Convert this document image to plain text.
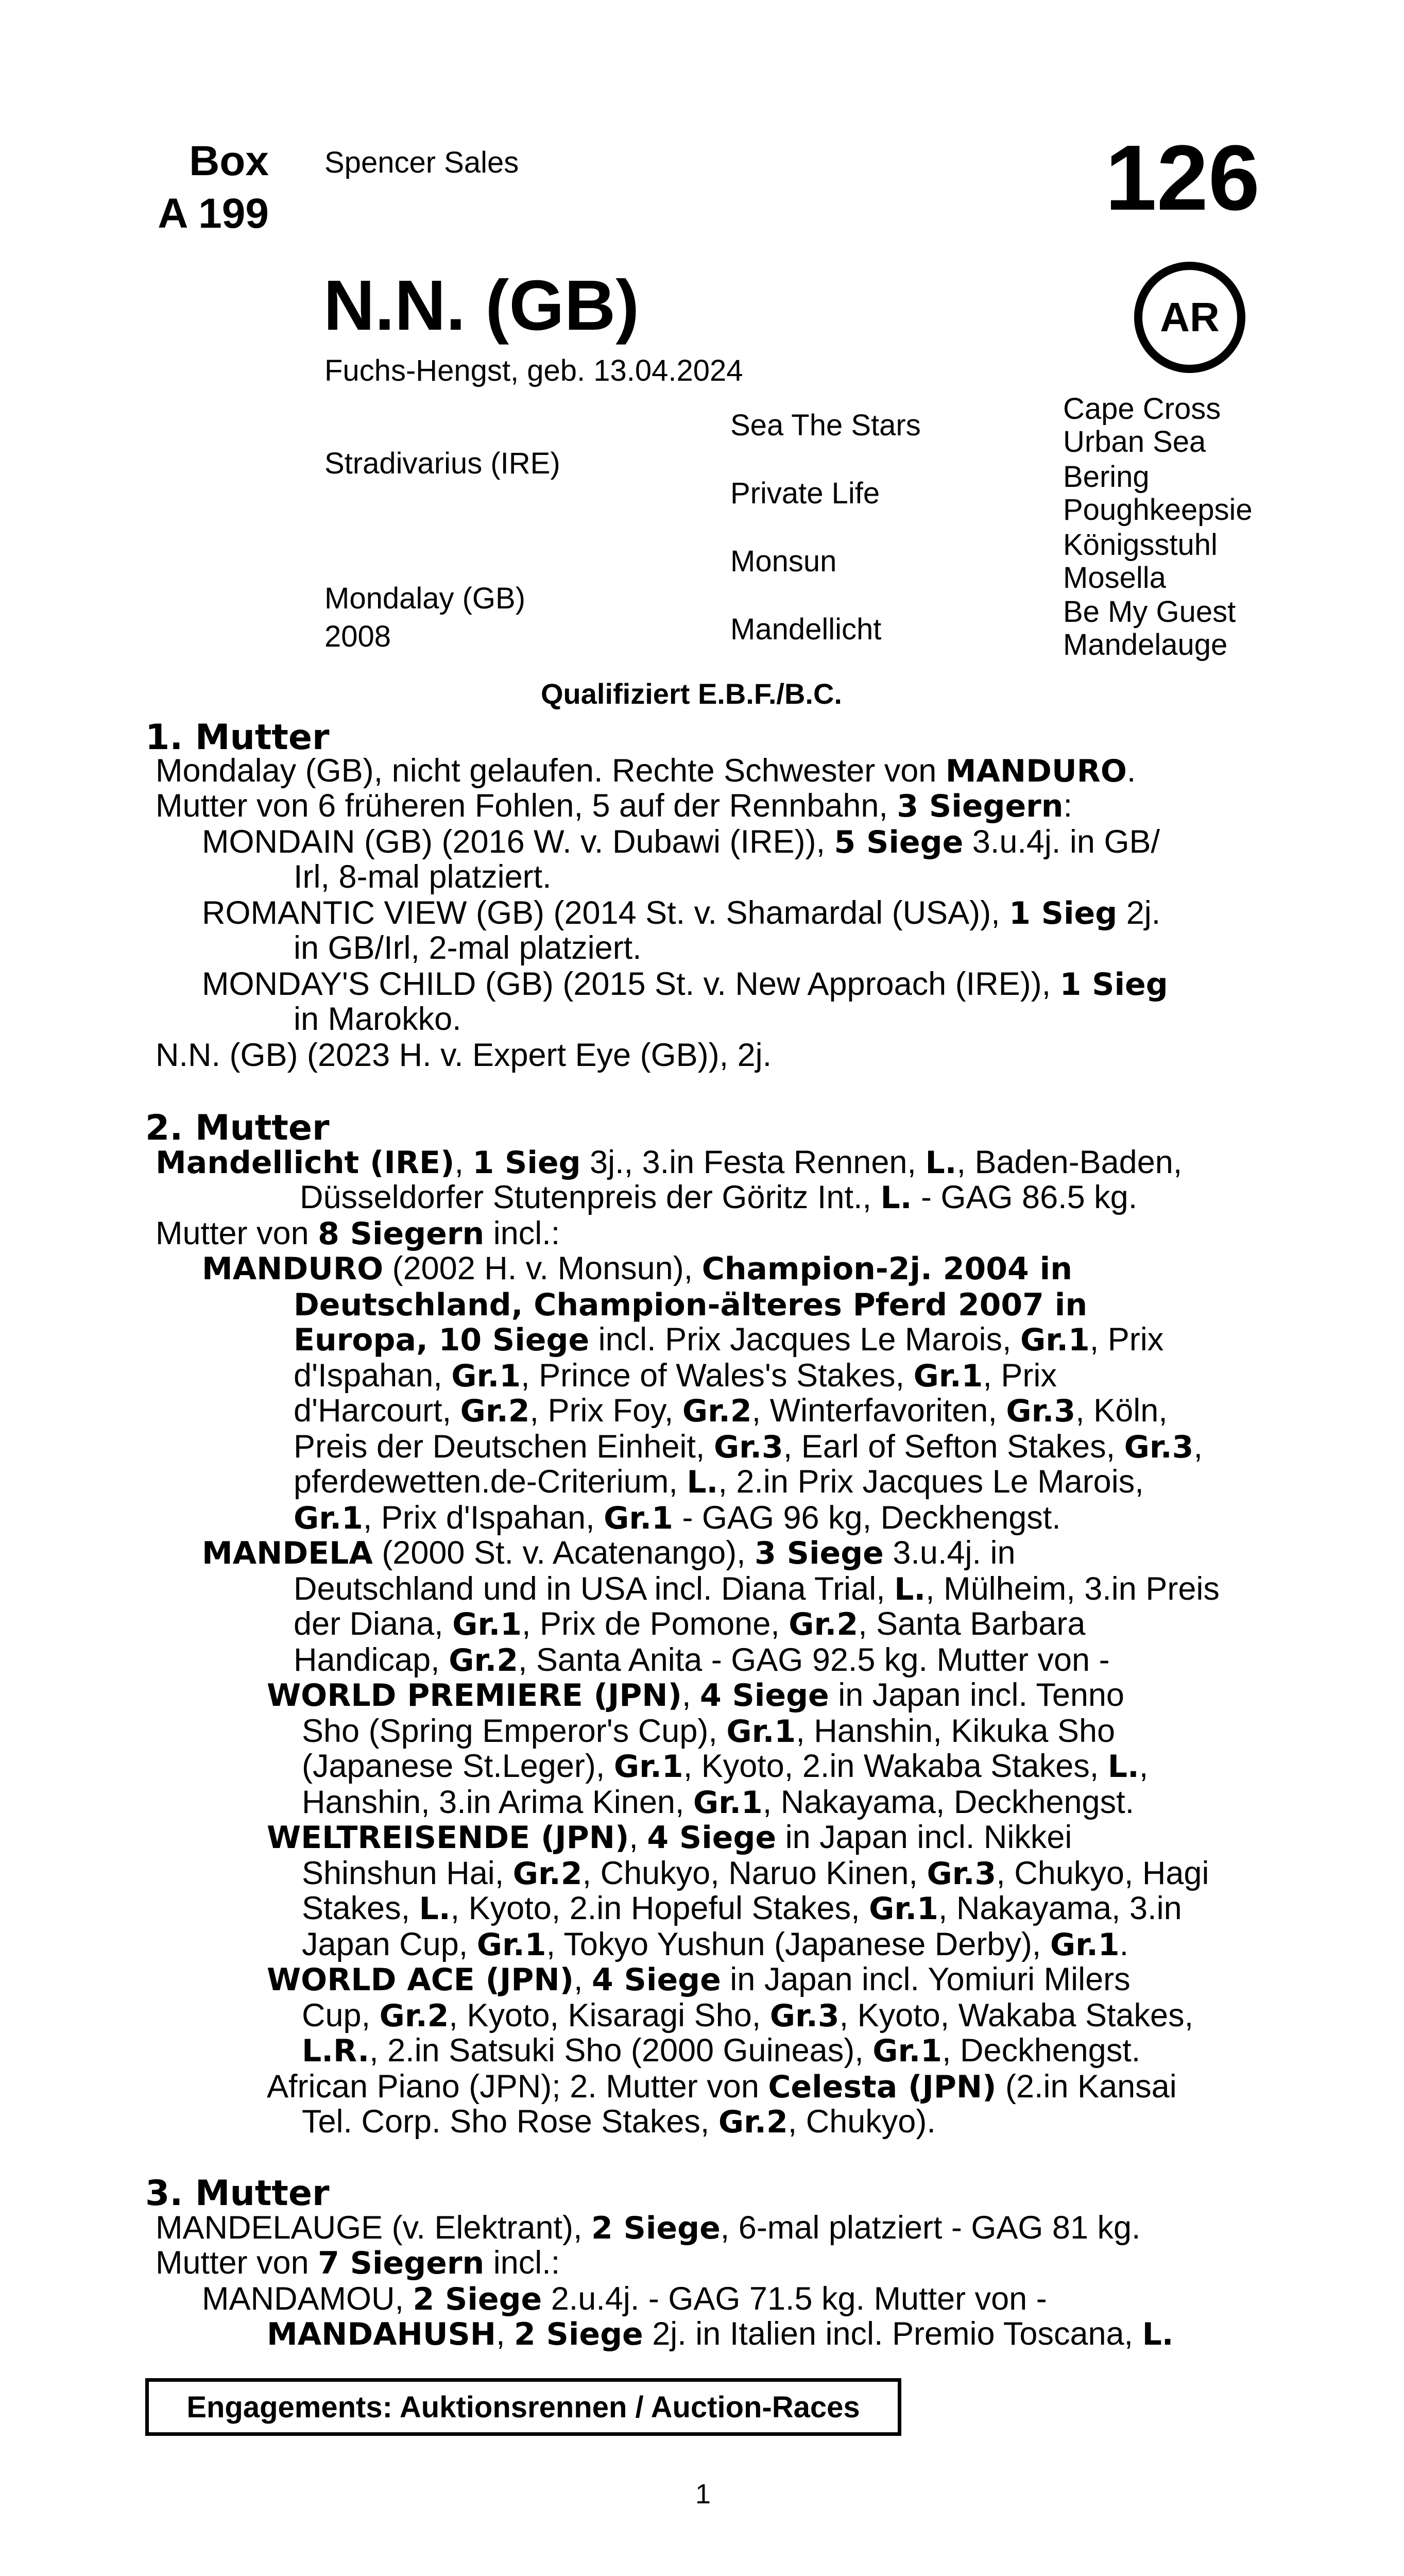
Box
A 199
Spencer Sales	126
AR
N.N. (GB)
Fuchs-Hengst, geb. 13.04.2024
Stradivarius (IRE)
Mondalay (GB)
2008
Sea The Stars
Private Life
Monsun
Mandellicht
Cape Cross
Urban Sea
Bering
Poughkeepsie
Königsstuhl
Mosella
Be My Guest
Mandelauge
Qualifiziert E.B.F./B.C.
1. Mutter
Mondalay (GB), nicht gelaufen. Rechte Schwester von MANDURO.
Mutter von 6 früheren Fohlen, 5 auf der Rennbahn, 3 Siegern:
MONDAIN (GB) (2016 W. v. Dubawi (IRE)), 5 Siege 3.u.4j. in GB/
Irl, 8-mal platziert.
ROMANTIC VIEW (GB) (2014 St. v. Shamardal (USA)), 1 Sieg 2j.
in GB/Irl, 2-mal platziert.
MONDAY'S CHILD (GB) (2015 St. v. New Approach (IRE)), 1 Sieg
in Marokko.
N.N. (GB) (2023 H. v. Expert Eye (GB)), 2j.
2. Mutter
Mandellicht (IRE), 1 Sieg 3j., 3.in Festa Rennen, L., Baden-Baden,
Düsseldorfer Stutenpreis der Göritz Int., L. - GAG 86.5 kg.
Mutter von 8 Siegern incl.:
MANDURO (2002 H. v. Monsun), Champion-2j. 2004 in
Deutschland, Champion-älteres Pferd 2007 in
Europa, 10 Siege incl. Prix Jacques Le Marois, Gr.1, Prix
d'Ispahan, Gr.1, Prince of Wales's Stakes, Gr.1, Prix
d'Harcourt, Gr.2, Prix Foy, Gr.2, Winterfavoriten, Gr.3, Köln,
Preis der Deutschen Einheit, Gr.3, Earl of Sefton Stakes, Gr.3,
pferdewetten.de-Criterium, L., 2.in Prix Jacques Le Marois,
Gr.1, Prix d'Ispahan, Gr.1 - GAG 96 kg, Deckhengst.
MANDELA (2000 St. v. Acatenango), 3 Siege 3.u.4j. in
Deutschland und in USA incl. Diana Trial, L., Mülheim, 3.in Preis
der Diana, Gr.1, Prix de Pomone, Gr.2, Santa Barbara
Handicap, Gr.2, Santa Anita - GAG 92.5 kg. Mutter von -
WORLD PREMIERE (JPN), 4 Siege in Japan incl. Tenno
Sho (Spring Emperor's Cup), Gr.1, Hanshin, Kikuka Sho
(Japanese St.Leger), Gr.1, Kyoto, 2.in Wakaba Stakes, L.,
Hanshin, 3.in Arima Kinen, Gr.1, Nakayama, Deckhengst.
WELTREISENDE (JPN), 4 Siege in Japan incl. Nikkei
Shinshun Hai, Gr.2, Chukyo, Naruo Kinen, Gr.3, Chukyo, Hagi
Stakes, L., Kyoto, 2.in Hopeful Stakes, Gr.1, Nakayama, 3.in
Japan Cup, Gr.1, Tokyo Yushun (Japanese Derby), Gr.1.
WORLD ACE (JPN), 4 Siege in Japan incl. Yomiuri Milers
Cup, Gr.2, Kyoto, Kisaragi Sho, Gr.3, Kyoto, Wakaba Stakes,
L.R., 2.in Satsuki Sho (2000 Guineas), Gr.1, Deckhengst.
African Piano (JPN); 2. Mutter von Celesta (JPN) (2.in Kansai
Tel. Corp. Sho Rose Stakes, Gr.2, Chukyo).
3. Mutter
MANDELAUGE (v. Elektrant), 2 Siege, 6-mal platziert - GAG 81 kg.
Mutter von 7 Siegern incl.:
MANDAMOU, 2 Siege 2.u.4j. - GAG 71.5 kg. Mutter von -
MANDAHUSH, 2 Siege 2j. in Italien incl. Premio Toscana, L.
Engagements: Auktionsrennen / Auction-Races
1
